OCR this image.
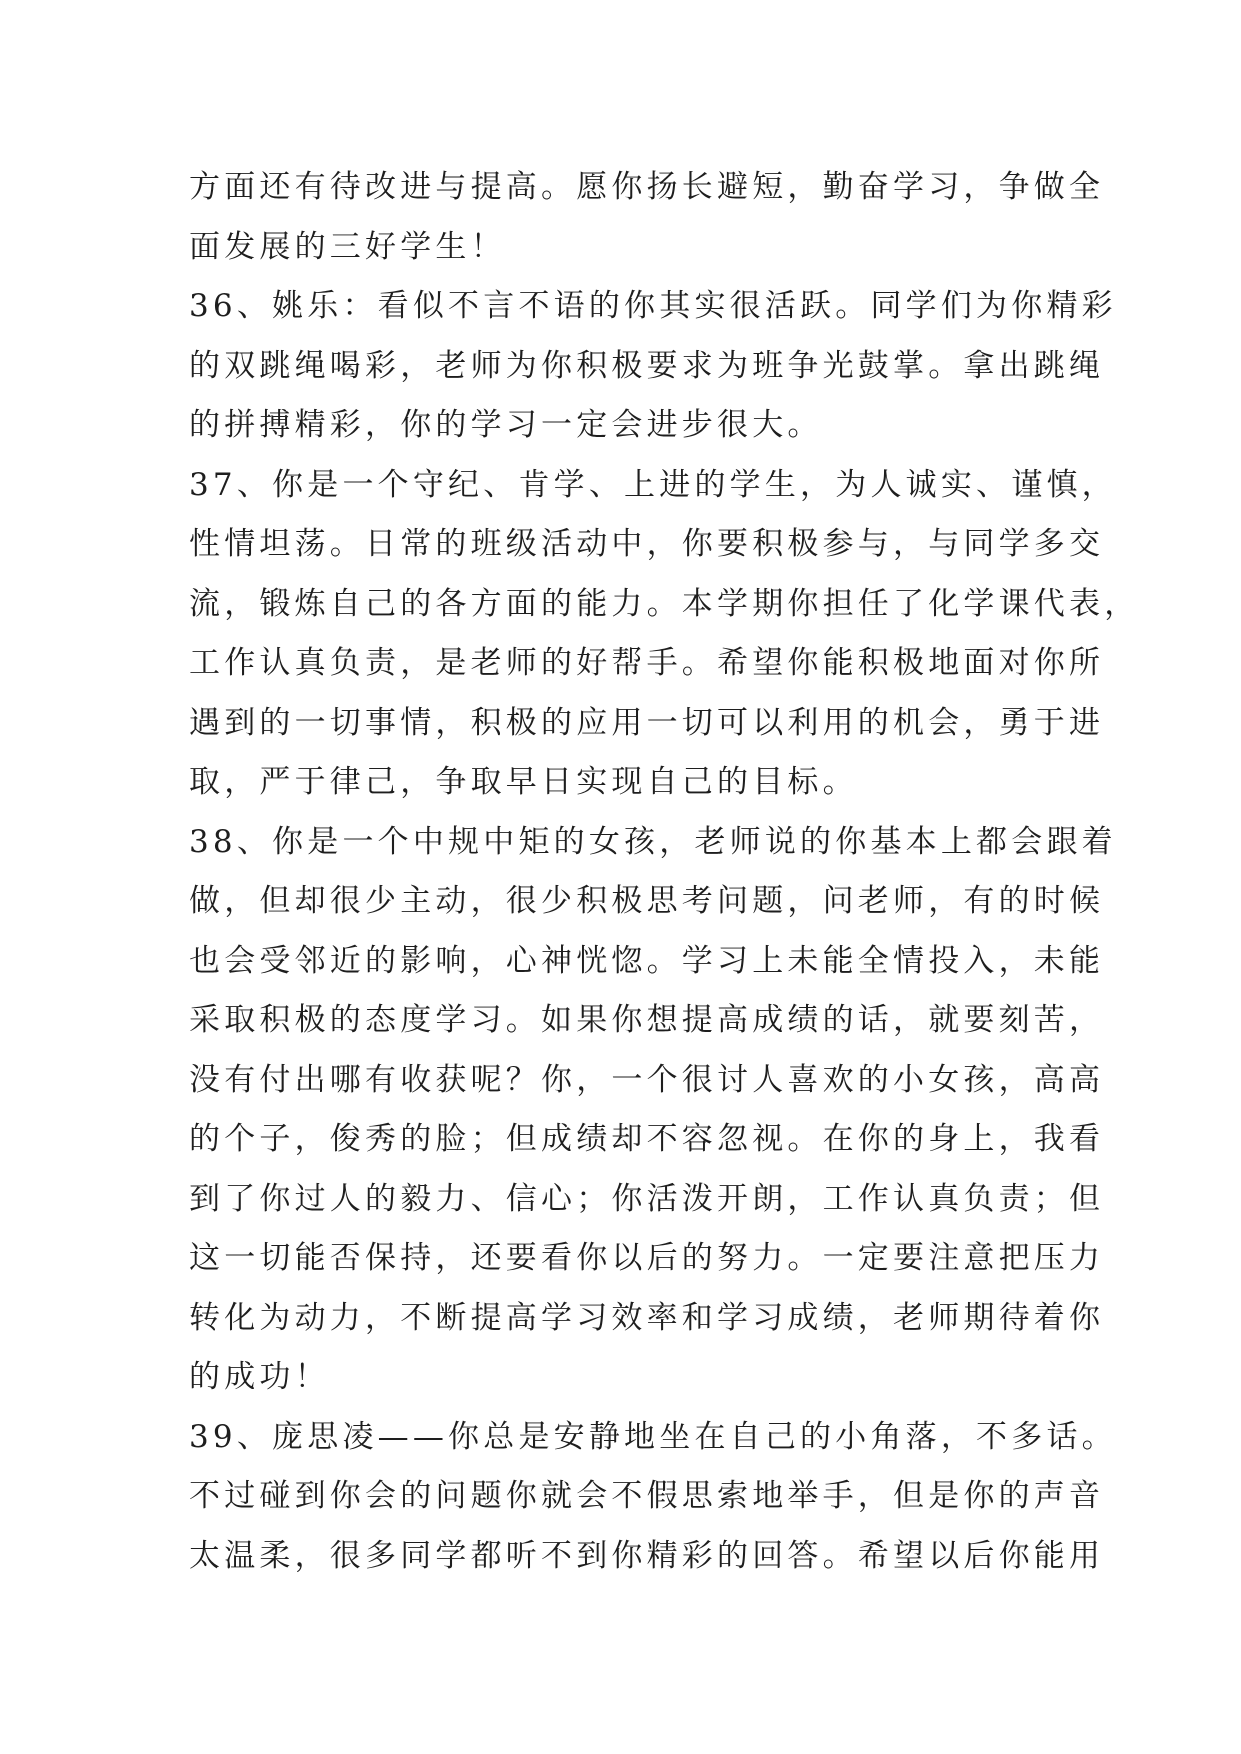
方面还有待改进与提高。愿你扬长避短，勤奋学习，争做全
面发展的三好学生！
36、姚乐：看似不言不语的你其实很活跃。同学们为你精彩
的双跳绳喝彩，老师为你积极要求为班争光鼓掌。拿出跳绳
的拼搏精彩，你的学习一定会进步很大。
37、你是一个守纪、肯学、上进的学生，为人诚实、谨慎，
性情坦荡。日常的班级活动中，你要积极参与，与同学多交
流，锻炼自己的各方面的能力。本学期你担任了化学课代表，
工作认真负责，是老师的好帮手。希望你能积极地面对你所
遇到的一切事情，积极的应用一切可以利用的机会，勇于进
取，严于律己，争取早日实现自己的目标。
38、你是一个中规中矩的女孩，老师说的你基本上都会跟着
做，但却很少主动，很少积极思考问题，问老师，有的时候
也会受邻近的影响，心神恍惚。学习上未能全情投入，未能
采取积极的态度学习。如果你想提高成绩的话，就要刻苦，
没有付出哪有收获呢？你，一个很讨人喜欢的小女孩，高高
的个子，俊秀的脸；但成绩却不容忽视。在你的身上，我看
到了你过人的毅力、信心；你活泼开朗，工作认真负责；但
这一切能否保持，还要看你以后的努力。一定要注意把压力
转化为动力，不断提高学习效率和学习成绩，老师期待着你
的成功！
39、庞思凌——你总是安静地坐在自己的小角落，不多话。
不过碰到你会的问题你就会不假思索地举手，但是你的声音
太温柔，很多同学都听不到你精彩的回答。希望以后你能用
